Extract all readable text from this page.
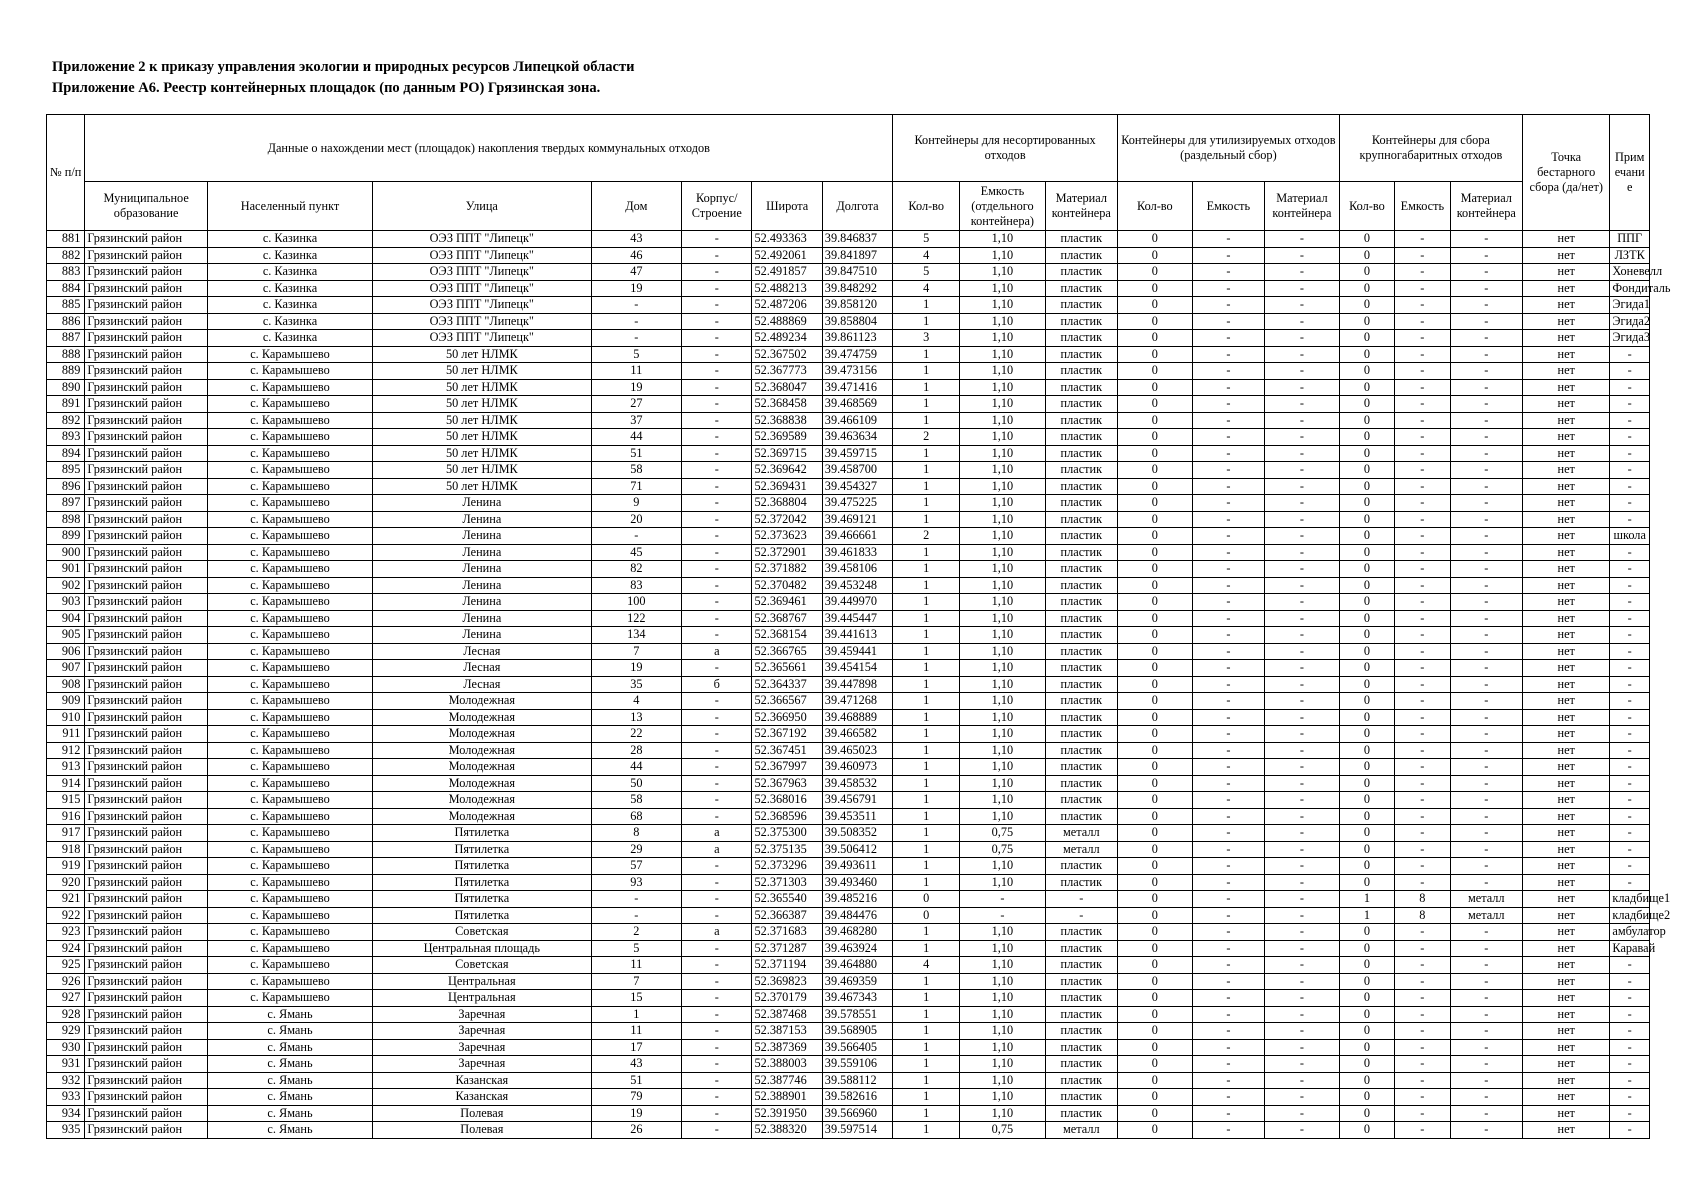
Приложение 2 к приказу управления экологии и природных ресурсов Липецкой области
Приложение А6. Реестр контейнерных площадок (по данным РО) Грязинская зона.
№ п/п	Данные о нахождении мест (площадок) накопления твердых коммунальных отходов							Контейнеры для несортированных отходов			Контейнеры для утилизируемых отходов (раздельный сбор)			Контейнеры для сбора крупногабаритных отходов			Точка бестарного сбора (да/нет)	Примечание
	Муниципальное образование	Населенный пункт	Улица	Дом	Корпус/ Строение	Широта	Долгота	Кол-во	Емкость (отдельного контейнера)	Материал контейнера	Кол-во	Емкость	Материал контейнера	Кол-во	Емкость	Материал контейнера		
881	Грязинский район	с. Казинка	ОЭЗ ППТ "Липецк"	43	-	52.493363	39.846837	5	1,10	пластик	0	-	-	0	-	-	нет	ППГ
882	Грязинский район	с. Казинка	ОЭЗ ППТ "Липецк"	46	-	52.492061	39.841897	4	1,10	пластик	0	-	-	0	-	-	нет	ЛЗТК
883	Грязинский район	с. Казинка	ОЭЗ ППТ "Липецк"	47	-	52.491857	39.847510	5	1,10	пластик	0	-	-	0	-	-	нет	Хоневелл
884	Грязинский район	с. Казинка	ОЭЗ ППТ "Липецк"	19	-	52.488213	39.848292	4	1,10	пластик	0	-	-	0	-	-	нет	Фондиталь
885	Грязинский район	с. Казинка	ОЭЗ ППТ "Липецк"	-	-	52.487206	39.858120	1	1,10	пластик	0	-	-	0	-	-	нет	Эгида1
886	Грязинский район	с. Казинка	ОЭЗ ППТ "Липецк"	-	-	52.488869	39.858804	1	1,10	пластик	0	-	-	0	-	-	нет	Эгида2
887	Грязинский район	с. Казинка	ОЭЗ ППТ "Липецк"	-	-	52.489234	39.861123	3	1,10	пластик	0	-	-	0	-	-	нет	Эгида3
888	Грязинский район	с. Карамышево	50 лет НЛМК	5	-	52.367502	39.474759	1	1,10	пластик	0	-	-	0	-	-	нет	-
889	Грязинский район	с. Карамышево	50 лет НЛМК	11	-	52.367773	39.473156	1	1,10	пластик	0	-	-	0	-	-	нет	-
890	Грязинский район	с. Карамышево	50 лет НЛМК	19	-	52.368047	39.471416	1	1,10	пластик	0	-	-	0	-	-	нет	-
891	Грязинский район	с. Карамышево	50 лет НЛМК	27	-	52.368458	39.468569	1	1,10	пластик	0	-	-	0	-	-	нет	-
892	Грязинский район	с. Карамышево	50 лет НЛМК	37	-	52.368838	39.466109	1	1,10	пластик	0	-	-	0	-	-	нет	-
893	Грязинский район	с. Карамышево	50 лет НЛМК	44	-	52.369589	39.463634	2	1,10	пластик	0	-	-	0	-	-	нет	-
894	Грязинский район	с. Карамышево	50 лет НЛМК	51	-	52.369715	39.459715	1	1,10	пластик	0	-	-	0	-	-	нет	-
895	Грязинский район	с. Карамышево	50 лет НЛМК	58	-	52.369642	39.458700	1	1,10	пластик	0	-	-	0	-	-	нет	-
896	Грязинский район	с. Карамышево	50 лет НЛМК	71	-	52.369431	39.454327	1	1,10	пластик	0	-	-	0	-	-	нет	-
897	Грязинский район	с. Карамышево	Ленина	9	-	52.368804	39.475225	1	1,10	пластик	0	-	-	0	-	-	нет	-
898	Грязинский район	с. Карамышево	Ленина	20	-	52.372042	39.469121	1	1,10	пластик	0	-	-	0	-	-	нет	-
899	Грязинский район	с. Карамышево	Ленина	-	-	52.373623	39.466661	2	1,10	пластик	0	-	-	0	-	-	нет	школа
900	Грязинский район	с. Карамышево	Ленина	45	-	52.372901	39.461833	1	1,10	пластик	0	-	-	0	-	-	нет	-
901	Грязинский район	с. Карамышево	Ленина	82	-	52.371882	39.458106	1	1,10	пластик	0	-	-	0	-	-	нет	-
902	Грязинский район	с. Карамышево	Ленина	83	-	52.370482	39.453248	1	1,10	пластик	0	-	-	0	-	-	нет	-
903	Грязинский район	с. Карамышево	Ленина	100	-	52.369461	39.449970	1	1,10	пластик	0	-	-	0	-	-	нет	-
904	Грязинский район	с. Карамышево	Ленина	122	-	52.368767	39.445447	1	1,10	пластик	0	-	-	0	-	-	нет	-
905	Грязинский район	с. Карамышево	Ленина	134	-	52.368154	39.441613	1	1,10	пластик	0	-	-	0	-	-	нет	-
906	Грязинский район	с. Карамышево	Лесная	7	а	52.366765	39.459441	1	1,10	пластик	0	-	-	0	-	-	нет	-
907	Грязинский район	с. Карамышево	Лесная	19	-	52.365661	39.454154	1	1,10	пластик	0	-	-	0	-	-	нет	-
908	Грязинский район	с. Карамышево	Лесная	35	б	52.364337	39.447898	1	1,10	пластик	0	-	-	0	-	-	нет	-
909	Грязинский район	с. Карамышево	Молодежная	4	-	52.366567	39.471268	1	1,10	пластик	0	-	-	0	-	-	нет	-
910	Грязинский район	с. Карамышево	Молодежная	13	-	52.366950	39.468889	1	1,10	пластик	0	-	-	0	-	-	нет	-
911	Грязинский район	с. Карамышево	Молодежная	22	-	52.367192	39.466582	1	1,10	пластик	0	-	-	0	-	-	нет	-
912	Грязинский район	с. Карамышево	Молодежная	28	-	52.367451	39.465023	1	1,10	пластик	0	-	-	0	-	-	нет	-
913	Грязинский район	с. Карамышево	Молодежная	44	-	52.367997	39.460973	1	1,10	пластик	0	-	-	0	-	-	нет	-
914	Грязинский район	с. Карамышево	Молодежная	50	-	52.367963	39.458532	1	1,10	пластик	0	-	-	0	-	-	нет	-
915	Грязинский район	с. Карамышево	Молодежная	58	-	52.368016	39.456791	1	1,10	пластик	0	-	-	0	-	-	нет	-
916	Грязинский район	с. Карамышево	Молодежная	68	-	52.368596	39.453511	1	1,10	пластик	0	-	-	0	-	-	нет	-
917	Грязинский район	с. Карамышево	Пятилетка	8	а	52.375300	39.508352	1	0,75	металл	0	-	-	0	-	-	нет	-
918	Грязинский район	с. Карамышево	Пятилетка	29	а	52.375135	39.506412	1	0,75	металл	0	-	-	0	-	-	нет	-
919	Грязинский район	с. Карамышево	Пятилетка	57	-	52.373296	39.493611	1	1,10	пластик	0	-	-	0	-	-	нет	-
920	Грязинский район	с. Карамышево	Пятилетка	93	-	52.371303	39.493460	1	1,10	пластик	0	-	-	0	-	-	нет	-
921	Грязинский район	с. Карамышево	Пятилетка	-	-	52.365540	39.485216	0	-	-	0	-	-	1	8	металл	нет	кладбище1
922	Грязинский район	с. Карамышево	Пятилетка	-	-	52.366387	39.484476	0	-	-	0	-	-	1	8	металл	нет	кладбище2
923	Грязинский район	с. Карамышево	Советская	2	а	52.371683	39.468280	1	1,10	пластик	0	-	-	0	-	-	нет	амбулатор
924	Грязинский район	с. Карамышево	Центральная площадь	5	-	52.371287	39.463924	1	1,10	пластик	0	-	-	0	-	-	нет	Каравай
925	Грязинский район	с. Карамышево	Советская	11	-	52.371194	39.464880	4	1,10	пластик	0	-	-	0	-	-	нет	-
926	Грязинский район	с. Карамышево	Центральная	7	-	52.369823	39.469359	1	1,10	пластик	0	-	-	0	-	-	нет	-
927	Грязинский район	с. Карамышево	Центральная	15	-	52.370179	39.467343	1	1,10	пластик	0	-	-	0	-	-	нет	-
928	Грязинский район	с. Ямань	Заречная	1	-	52.387468	39.578551	1	1,10	пластик	0	-	-	0	-	-	нет	-
929	Грязинский район	с. Ямань	Заречная	11	-	52.387153	39.568905	1	1,10	пластик	0	-	-	0	-	-	нет	-
930	Грязинский район	с. Ямань	Заречная	17	-	52.387369	39.566405	1	1,10	пластик	0	-	-	0	-	-	нет	-
931	Грязинский район	с. Ямань	Заречная	43	-	52.388003	39.559106	1	1,10	пластик	0	-	-	0	-	-	нет	-
932	Грязинский район	с. Ямань	Казанская	51	-	52.387746	39.588112	1	1,10	пластик	0	-	-	0	-	-	нет	-
933	Грязинский район	с. Ямань	Казанская	79	-	52.388901	39.582616	1	1,10	пластик	0	-	-	0	-	-	нет	-
934	Грязинский район	с. Ямань	Полевая	19	-	52.391950	39.566960	1	1,10	пластик	0	-	-	0	-	-	нет	-
935	Грязинский район	с. Ямань	Полевая	26	-	52.388320	39.597514	1	0,75	металл	0	-	-	0	-	-	нет	-
